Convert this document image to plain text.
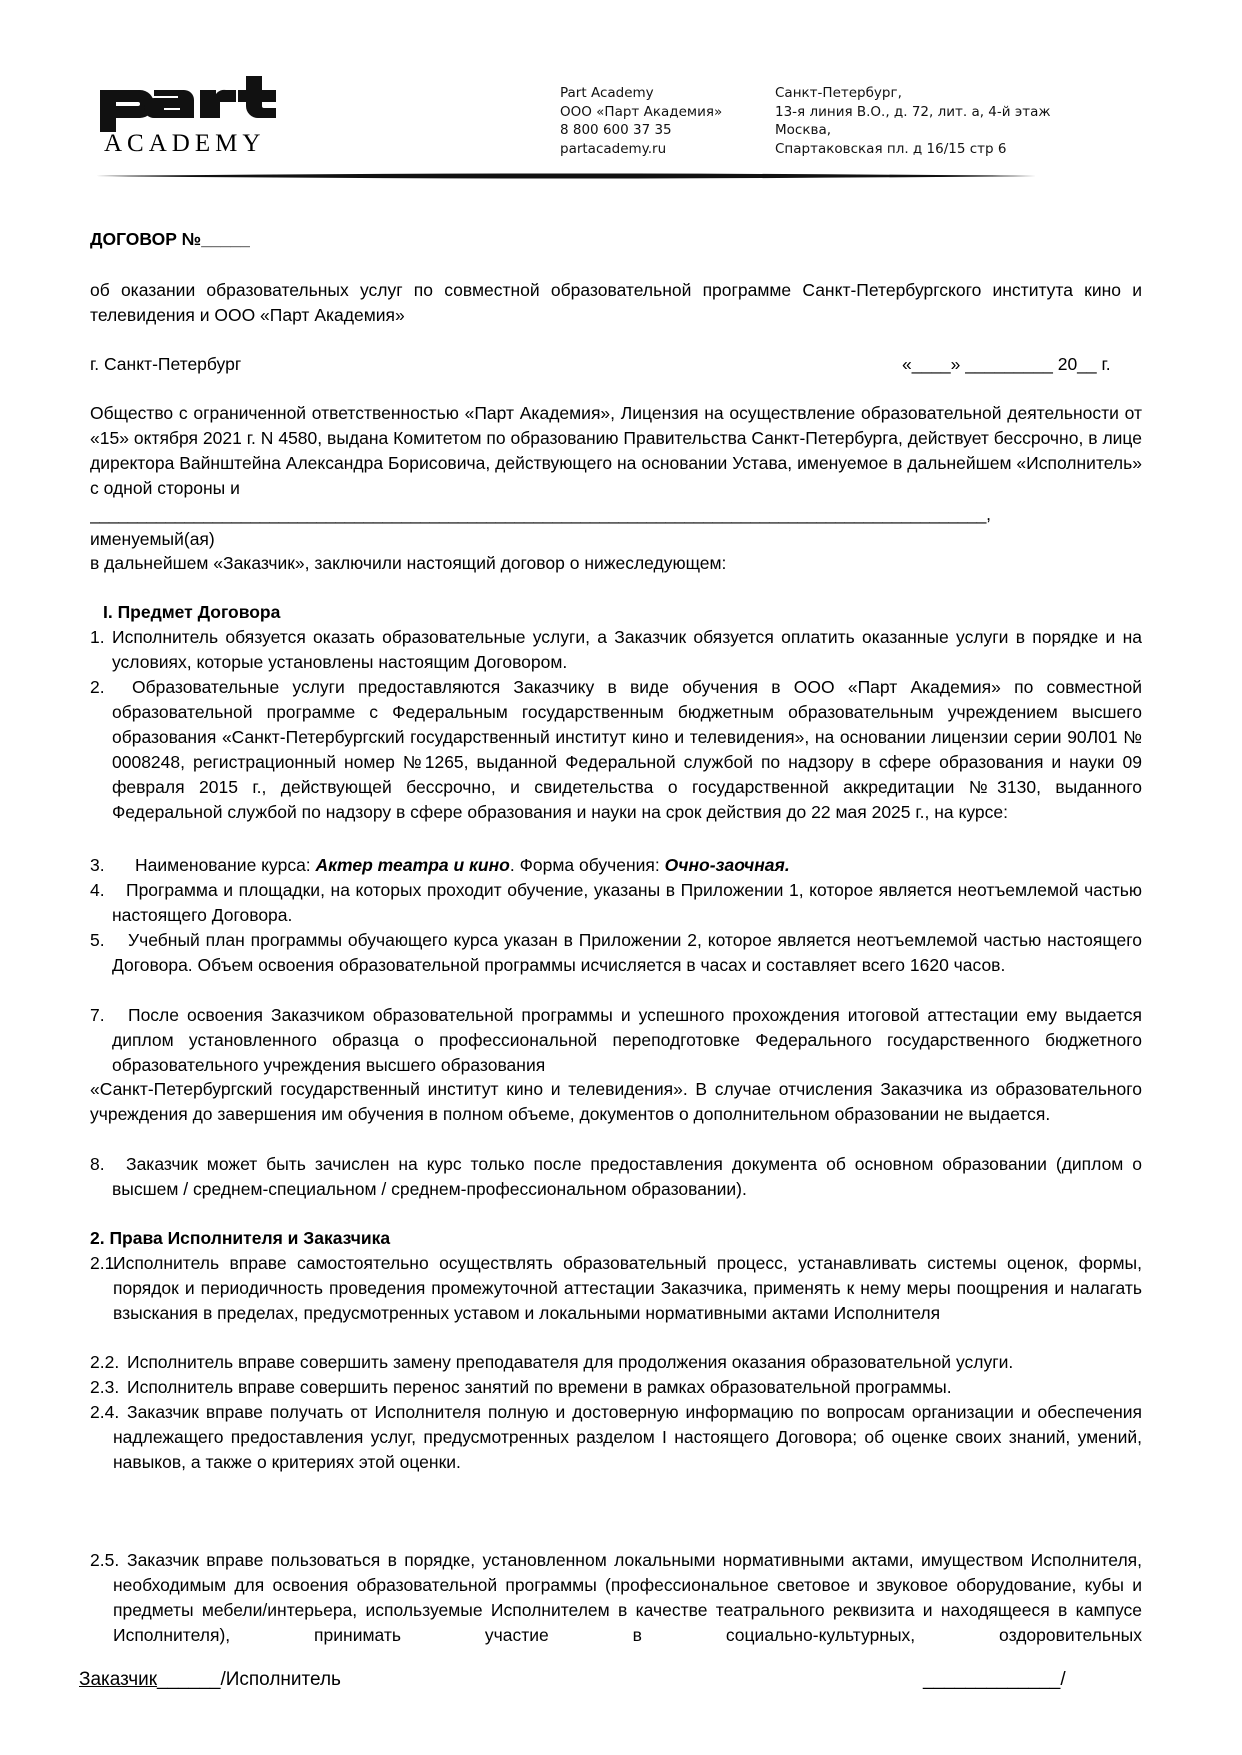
ACADEMY
Part Academy
ООО «Парт Академия»
8 800 600 37 35
partacademy.ru
Санкт-Петербург,
13-я линия В.О., д. 72, лит. а, 4-й этаж
Москва,
Спартаковская пл. д 16/15 стр 6
ДОГОВОР №_____
об оказании образовательных услуг по совместной образовательной программе Санкт-Петербургского института кино и телевидения и ООО «Парт Академия»
г. Санкт-Петербург	«____» _________ 20__ г.
Общество с ограниченной ответственностью «Парт Академия», Лицензия на осуществление образовательной деятельности от «15» октября 2021 г. N 4580, выдана Комитетом по образованию Правительства Санкт-Петербурга, действует бессрочно, в лице директора Вайнштейна Александра Борисовича, действующего на основании Устава, именуемое в дальнейшем «Исполнитель» с одной стороны и
_______________________________________________________________________________________________,
именуемый(ая)
в дальнейшем «Заказчик», заключили настоящий договор о нижеследующем:
I. Предмет Договора
1. Исполнитель обязуется оказать образовательные услуги, а Заказчик обязуется оплатить оказанные услуги в порядке и на условиях, которые установлены настоящим Договором.
2.	Образовательные услуги предоставляются Заказчику в виде обучения в ООО «Парт Академия» по совместной образовательной программе с Федеральным государственным бюджетным образовательным учреждением высшего образования «Санкт-Петербургский государственный институт кино и телевидения», на основании лицензии серии 90Л01 № 0008248, регистрационный номер №1265, выданной Федеральной службой по надзору в сфере образования и науки 09 февраля 2015 г., действующей бессрочно, и свидетельства о государственной аккредитации №3130, выданного Федеральной службой по надзору в сфере образования и науки на срок действия до 22 мая 2025 г., на курсе:
3. Наименование курса: Актер театра и кино. Форма обучения: Очно-заочная.
4.	Программа и площадки, на которых проходит обучение, указаны в Приложении 1, которое является неотъемлемой частью настоящего Договора.
5.	Учебный план программы обучающего курса указан в Приложении 2, которое является неотъемлемой частью настоящего Договора. Объем освоения образовательной программы исчисляется в часах и составляет всего 1620 часов.
7.	После освоения Заказчиком образовательной программы и успешного прохождения итоговой аттестации ему выдается диплом установленного образца о профессиональной переподготовке Федерального государственного бюджетного образовательного учреждения высшего образования
«Санкт-Петербургский государственный институт кино и телевидения». В случае отчисления Заказчика из образовательного учреждения до завершения им обучения в полном объеме, документов о дополнительном образовании не выдается.
8.	Заказчик может быть зачислен на курс только после предоставления документа об основном образовании (диплом о высшем / среднем-специальном / среднем-профессиональном образовании).
2. Права Исполнителя и Заказчика
2.1.
Исполнитель вправе самостоятельно осуществлять образовательный процесс, устанавливать системы оценок, формы, порядок и периодичность проведения промежуточной аттестации Заказчика, применять к нему меры поощрения и налагать взыскания в пределах, предусмотренных уставом и локальными нормативными актами Исполнителя
2.2. Исполнитель вправе совершить замену преподавателя для продолжения оказания образовательной услуги.
2.3. Исполнитель вправе совершить перенос занятий по времени в рамках образовательной программы.
2.4. Заказчик вправе получать от Исполнителя полную и достоверную информацию по вопросам организации и обеспечения надлежащего предоставления услуг, предусмотренных разделом I настоящего Договора; об оценке своих знаний, умений, навыков, а также о критериях этой оценки.
2.5. Заказчик вправе пользоваться в порядке, установленном локальными нормативными актами, имуществом Исполнителя, необходимым для освоения образовательной программы (профессиональное световое и звуковое оборудование, кубы и предметы мебели/интерьера, используемые Исполнителем в качестве театрального реквизита и находящееся в кампусе Исполнителя), принимать участие в социально-культурных, оздоровительных
Заказчик______/Исполнитель	_____________/
